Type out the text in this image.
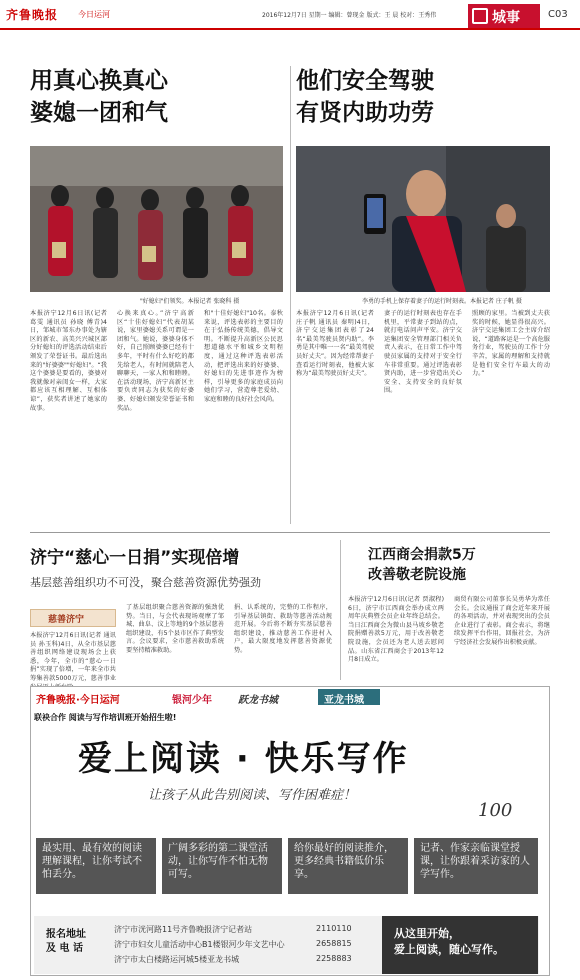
齐鲁晚报 今日运河	2016年12月7日 星期一 编辑：曾现金 版式：王 晨 校对：王秀伟	城事	C03
用真心换真心
婆媳一团和气
"好媳妇"们领奖。本报记者 张晓科 摄
本报济宁12月6日讯(记者 葛雯 通讯员 孙晓 傅青)4日，邹城市邹东办事处为辖区的新农、高美兴兴城区部分好媳妇的评选活动结束后颁发了荣誉证书。最后选出来的"好婆婆""好媳妇"。“我这个婆婆是要看的，婆婆对我就像对亲闺女一样，大家都应该互相理解、互相体谅”，获奖者讲述了她家的故事。
心换来真心。”济宁高新区“十佳好媳妇”代表胡某说，家里婆媳关系可谓是一团和气。她说，婆婆身体不好，自己照顾婆婆已经有十多年，平时有什么好吃的都先给老人，有时间就陪老人聊聊天，一家人和和睦睦。在活动现场，济宁高新区主要负责同志为获奖的好婆婆、好媳妇颁发荣誉证书和奖品。
和"十佳好媳妇"10名。泰秋来说，评选表彰的主要目的在于弘扬传统美德，倡导文明。不断提升高新区公民思想道德水平和城乡文明程度，通过这种评选表彰活动，把评选出来的好婆婆、好媳妇的先进事迹作为榜样，引导更多的家庭成员向她们学习，营造尊老爱幼、家庭和睦的良好社会风尚。
他们安全驾驶
有贤内助功劳
李勇的手机上保存着妻子的运行时刻表。本报记者 庄子帆 摄
本报济宁12月6日讯(记者 庄子帆 通讯员 秦明)4日，济宁交运集团表彰了24名“最美驾驶员贤内助”。李勇是其中唯一一名“最美驾驶员好丈夫”。因为经常帮妻子查看运行时刻表，他被大家称为“最美驾驶员好丈夫”。
妻子的运行时刻表也存在手机里，平常妻子到站的点，就打电话问声平安。济宁交运集团安全管理部门相关负责人表示，在日常工作中驾驶员家属的支持对于安全行车非常重要。通过评选表彰贤内助，进一步营造出关心安全、支持安全的良好氛围。
照顾的家里。当被到丈夫获奖的时候，她显得很高兴。济宁交运集团工会主席介绍说，“道路客运是一个高危服务行业，驾驶员的工作十分辛苦，家属的理解和支持就是他们安全行车最大的动力。”
济宁“慈心一日捐”实现倍增
基层慈善组织功不可没，聚合慈善资源优势强劲
慈善济宁
本报济宁12月6日讯(记者 通讯员 孙玉科)4日，从全市基层慈善组织网络建设现场会上获悉，今年，全市的“慈心一日捐”实现了倍增，一年来全市共筹集善款5000万元，慈善事业
了基层组织聚合慈善资源的强劲优势。当日，与会代表现场观摩了邹城、曲阜、汶上等地的9个基层慈善组织建设，有5个县市区作了典型发言。会议要求，全市慈善救助系统要坚持精准救助。
捐、认系统的，完整的工作程序，引导基层镇街、救助等慈善活动规范开展。今后将不断夯实基层慈善组织建设，推动慈善工作进村入户，最大限度地发挥慈善资源优势。
江西商会捐款5万
改善敬老院设施
本报济宁12月6日讯(记者 贾淑程)6日，济宁市江西商会举办成立两周年庆典暨会员企业年终总结会。当日江西商会为微山县马坡乡敬老院捐赠善款5万元，用于改善敬老院设施，会员还为老人送去慰问品。山东省江西商会于2013年12月8日成立。
商贸有限公司董事长吴勇华为常任会长。会议通报了商会近年来开展的各项活动，并对表现突出的会员企业进行了表彰。商会表示，将继续发挥平台作用，回报社会，为济宁经济社会发展作出积极贡献。
齐鲁晚报·今日运河	银河少年	跃龙书城	亚龙书城
联袂合作 阅读与写作培训班开始招生啦!
爱上阅读 · 快乐写作
让孩子从此告别阅读、写作困难症！
100
最实用、最有效的阅读理解课程，让你考试不怕丢分。
广阔多彩的第二课堂活动，让你写作不怕无物可写。
给你最好的阅读推介，更多经典书籍低价乐享。
记者、作家亲临课堂授课，让你跟着采访家的人学写作。
报名地址
及 电 话
济宁市洸河路11号齐鲁晚报济宁记者站	2110110
济宁市妇女儿童活动中心B1楼银河少年文艺中心	2658815
济宁市太白楼路运河城5楼亚龙书城	2258883
从这里开始，
爱上阅读，随心写作。
